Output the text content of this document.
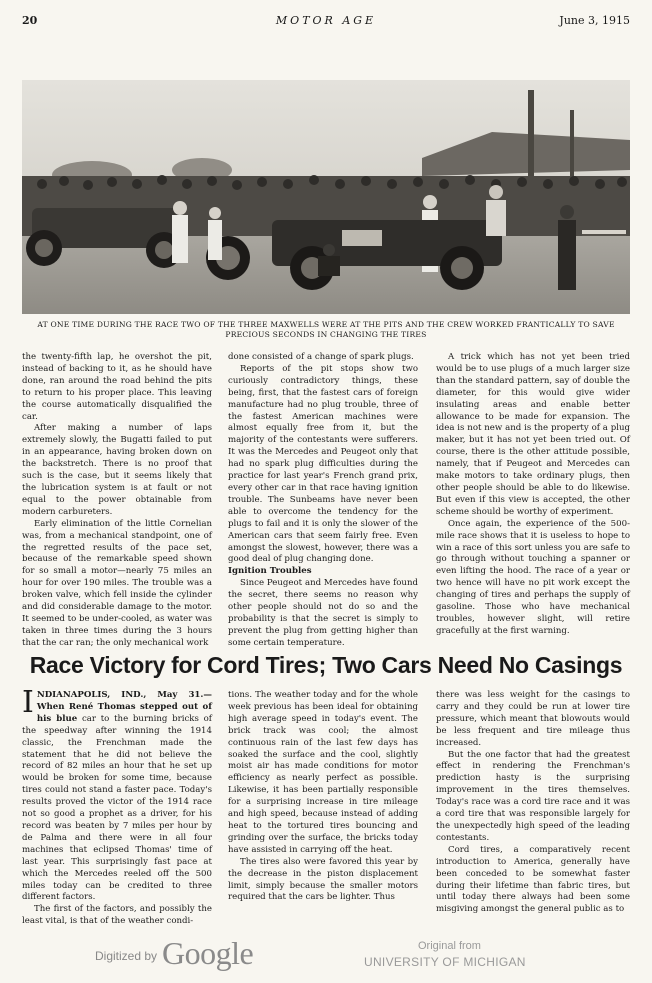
20	MOTOR AGE	June 3, 1915
AT ONE TIME DURING THE RACE TWO OF THE THREE MAXWELLS WERE AT THE PITS AND THE CREW WORKED FRANTICALLY TO SAVE PRECIOUS SECONDS IN CHANGING THE TIRES

the twenty-fifth lap, he overshot the pit, instead of backing to it, as he should have done, ran around the road behind the pits to return to his proper place. This leaving the course automatically disqualified the car.

After making a number of laps extremely slowly, the Bugatti failed to put in an appearance, having broken down on the backstretch. There is no proof that such is the case, but it seems likely that the lubrication system is at fault or not equal to the power obtainable from modern carbureters.

Early elimination of the little Cornelian was, from a mechanical standpoint, one of the regretted results of the pace set, because of the remarkable speed shown for so small a motor—nearly 75 miles an hour for over 190 miles. The trouble was a broken valve, which fell inside the cylinder and did considerable damage to the motor. It seemed to be under-cooled, as water was taken in three times during the 3 hours that the car ran; the only mechanical work

done consisted of a change of spark plugs.

Reports of the pit stops show two curiously contradictory things, these being, first, that the fastest cars of foreign manufacture had no plug trouble, three of the fastest American machines were almost equally free from it, but the majority of the contestants were sufferers. It was the Mercedes and Peugeot only that had no spark plug difficulties during the practice for last year's French grand prix, every other car in that race having ignition trouble. The Sunbeams have never been able to overcome the tendency for the plugs to fail and it is only the slower of the American cars that seem fairly free. Even amongst the slowest, however, there was a good deal of plug changing done.

Ignition Troubles

Since Peugeot and Mercedes have found the secret, there seems no reason why other people should not do so and the probability is that the secret is simply to prevent the plug from getting higher than some certain temperature.

A trick which has not yet been tried would be to use plugs of a much larger size than the standard pattern, say of double the diameter, for this would give wider insulating areas and enable better allowance to be made for expansion. The idea is not new and is the property of a plug maker, but it has not yet been tried out. Of course, there is the other attitude possible, namely, that if Peugeot and Mercedes can make motors to take ordinary plugs, then other people should be able to do likewise. But even if this view is accepted, the other scheme should be worthy of experiment.

Once again, the experience of the 500-mile race shows that it is useless to hope to win a race of this sort unless you are safe to go through without touching a spanner or even lifting the hood. The race of a year or two hence will have no pit work except the changing of tires and perhaps the supply of gasoline. Those who have mechanical troubles, however slight, will retire gracefully at the first warning.

Race Victory for Cord Tires; Two Cars Need No Casings

INDIANAPOLIS, IND., May 31.—When René Thomas stepped out of his blue car to the burning bricks of the speedway after winning the 1914 classic, the Frenchman made the statement that he did not believe the record of 82 miles an hour that he set up would be broken for some time, because tires could not stand a faster pace. Today's results proved the victor of the 1914 race not so good a prophet as a driver, for his record was beaten by 7 miles per hour by de Palma and there were in all four machines that eclipsed Thomas' time of last year. This surprisingly fast pace at which the Mercedes reeled off the 500 miles today can be credited to three different factors.

The first of the factors, and possibly the least vital, is that of the weather condi-

tions. The weather today and for the whole week previous has been ideal for obtaining high average speed in today's event. The brick track was cool; the almost continuous rain of the last few days has soaked the surface and the cool, slightly moist air has made conditions for motor efficiency as nearly perfect as possible. Likewise, it has been partially responsible for a surprising increase in tire mileage and high speed, because instead of adding heat to the tortured tires bouncing and grinding over the surface, the bricks today have assisted in carrying off the heat.

The tires also were favored this year by the decrease in the piston displacement limit, simply because the smaller motors required that the cars be lighter. Thus

there was less weight for the casings to carry and they could be run at lower tire pressure, which meant that blowouts would be less frequent and tire mileage thus increased.

But the one factor that had the greatest effect in rendering the Frenchman's prediction hasty is the surprising improvement in the tires themselves. Today's race was a cord tire race and it was a cord tire that was responsible largely for the unexpectedly high speed of the leading contestants.

Cord tires, a comparatively recent introduction to America, generally have been conceded to be somewhat faster during their lifetime than fabric tires, but until today there always had been some misgiving amongst the general public as to

Digitized by Google	Original from
UNIVERSITY OF MICHIGAN
